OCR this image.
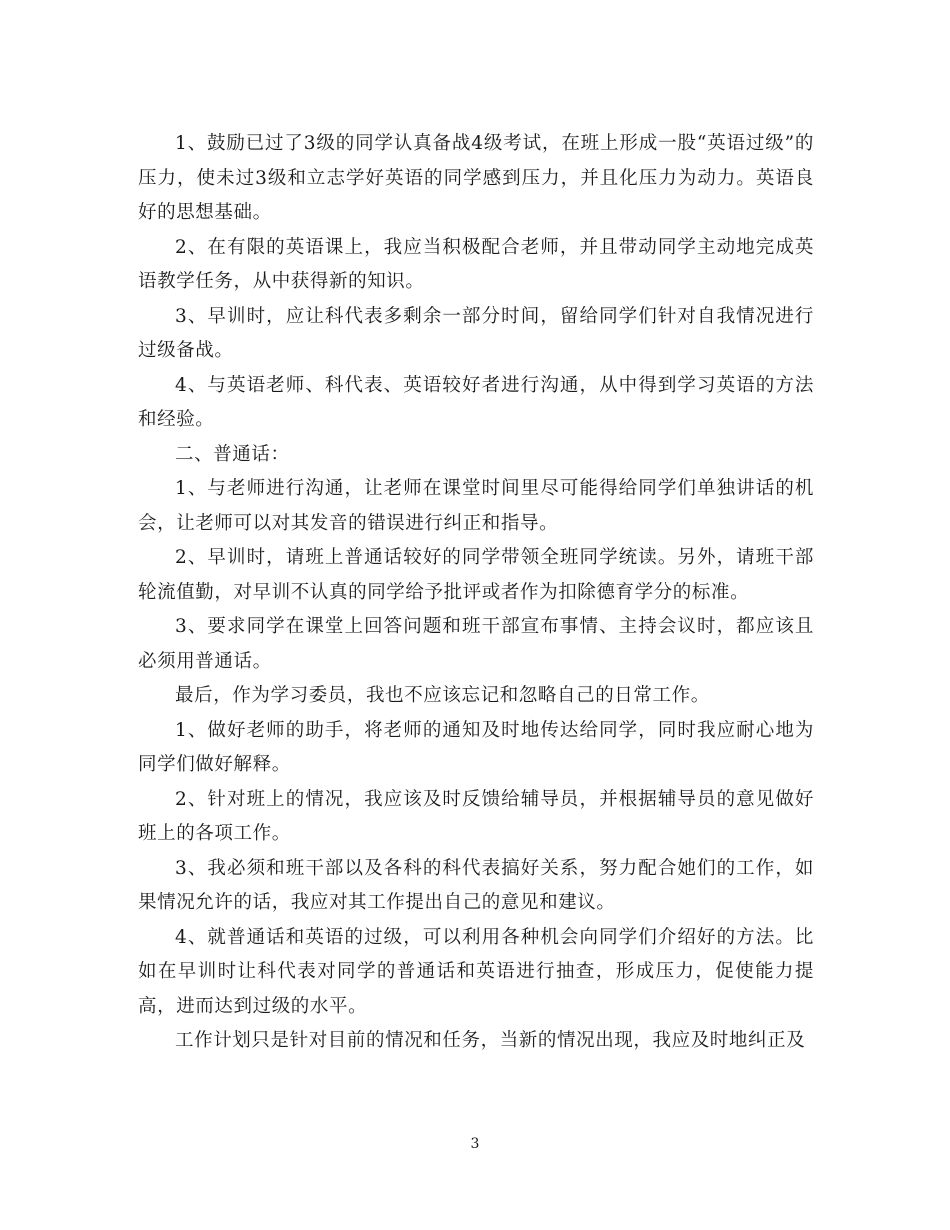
1、鼓励已过了3级的同学认真备战4级考试，在班上形成一股“英语过级”的压力，使未过3级和立志学好英语的同学感到压力，并且化压力为动力。英语良好的思想基础。

2、在有限的英语课上，我应当积极配合老师，并且带动同学主动地完成英语教学任务，从中获得新的知识。

3、早训时，应让科代表多剩余一部分时间，留给同学们针对自我情况进行过级备战。

4、与英语老师、科代表、英语较好者进行沟通，从中得到学习英语的方法和经验。

二、普通话：

1、与老师进行沟通，让老师在课堂时间里尽可能得给同学们单独讲话的机会，让老师可以对其发音的错误进行纠正和指导。

2、早训时，请班上普通话较好的同学带领全班同学统读。另外，请班干部轮流值勤，对早训不认真的同学给予批评或者作为扣除德育学分的标准。

3、要求同学在课堂上回答问题和班干部宣布事情、主持会议时，都应该且必须用普通话。

最后，作为学习委员，我也不应该忘记和忽略自己的日常工作。

1、做好老师的助手，将老师的通知及时地传达给同学，同时我应耐心地为同学们做好解释。

2、针对班上的情况，我应该及时反馈给辅导员，并根据辅导员的意见做好班上的各项工作。

3、我必须和班干部以及各科的科代表搞好关系，努力配合她们的工作，如果情况允许的话，我应对其工作提出自己的意见和建议。

4、就普通话和英语的过级，可以利用各种机会向同学们介绍好的方法。比如在早训时让科代表对同学的普通话和英语进行抽查，形成压力，促使能力提高，进而达到过级的水平。

工作计划只是针对目前的情况和任务，当新的情况出现，我应及时地纠正及

3
